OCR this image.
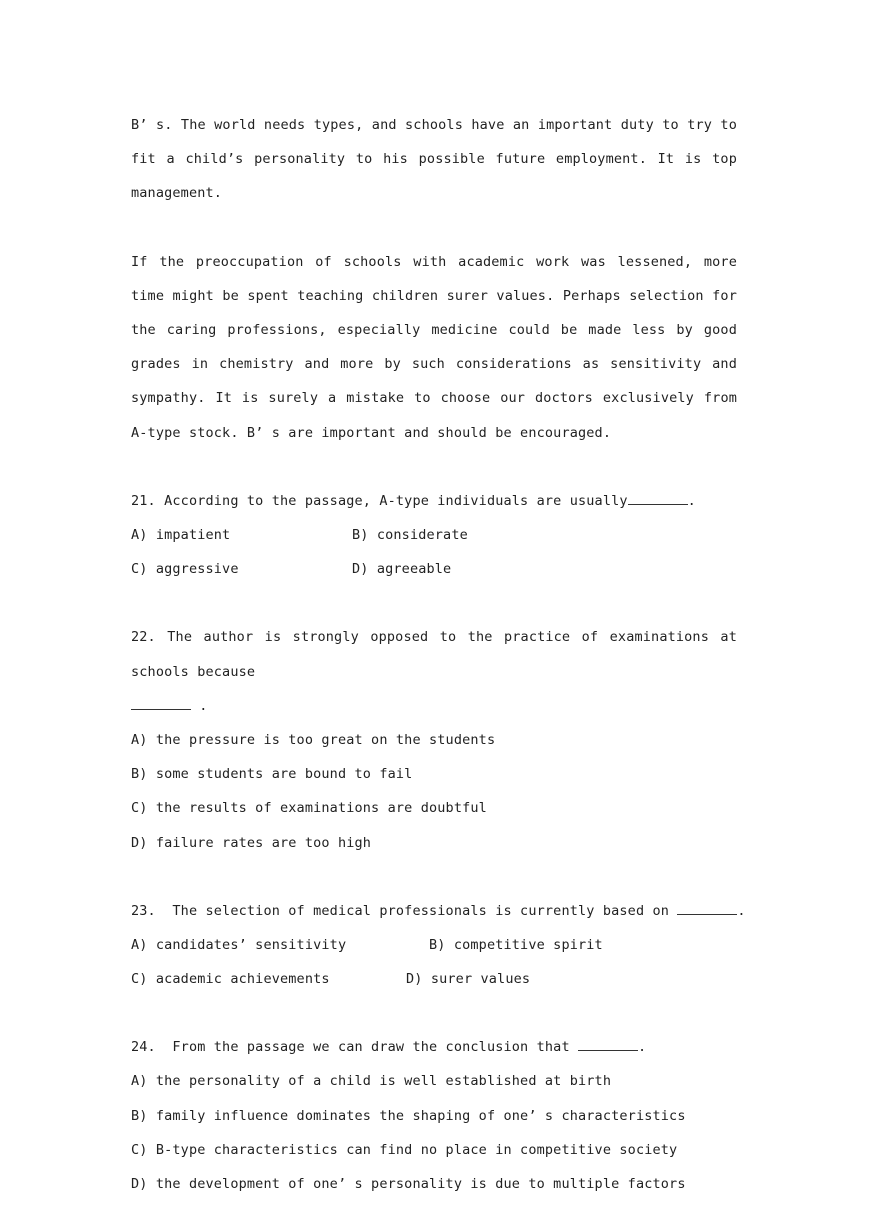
B’ s. The world needs types, and schools have an important duty to try to fit a child’s personality to his possible future employment. It is top management.

If the preoccupation of schools with academic work was lessened, more time might be spent teaching children surer values. Perhaps selection for the caring professions, especially medicine could be made less by good grades in chemistry and more by such considerations as sensitivity and sympathy. It is surely a mistake to choose our doctors exclusively from A-type stock. B’ s are important and should be encouraged.

21. According to the passage, A-type individuals are usually	.
A) impatient	B) considerate
C) aggressive	D) agreeable

22. The author is strongly opposed to the practice of examinations at schools because

.
A) the pressure is too great on the students
B) some students are bound to fail
C) the results of examinations are doubtful
D) failure rates are too high
23.  The selection of medical professionals is currently based on	.
A) candidates’ sensitivity	B) competitive spirit
C) academic achievements	D) surer values
24.  From the passage we can draw the conclusion that	.
A) the personality of a child is well established at birth
B) family influence dominates the shaping of one’ s characteristics
C) B-type characteristics can find no place in competitive society
D) the development of one’ s personality is due to multiple factors
